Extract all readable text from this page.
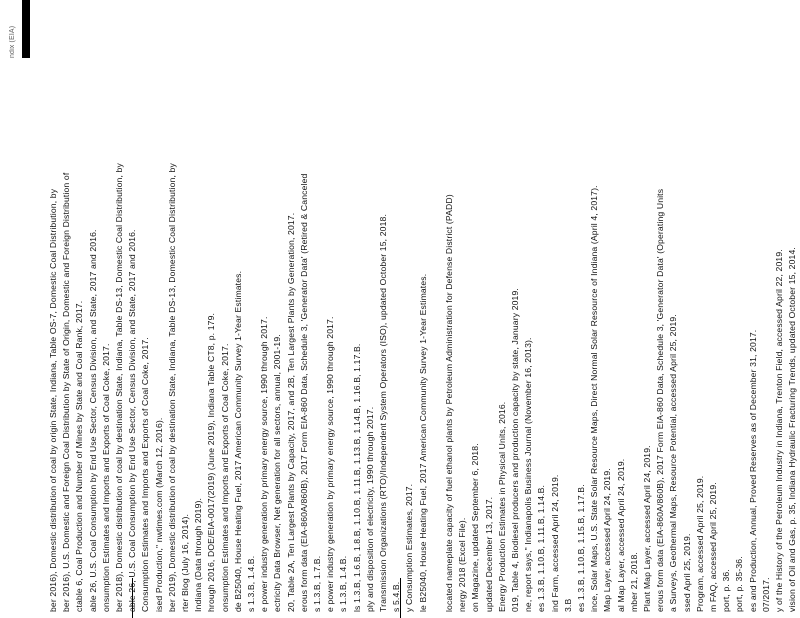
ndix (EIA)
ber 2016), Domestic distribution of coal by origin State, Indiana, Table OS-7, Domestic Coal Distribution, by ber 2016), U.S. Domestic and Foreign Coal Distribution by State of Origin, Domestic and Foreign Distribution of ctable 6, Coal Production and Number of Mines by State and Coal Rank, 2017. able 26, U.S. Coal Consumption by End Use Sector, Census Division, and State, 2017 and 2016. onsumption Estimates and Imports and Exports of Coal Coke, 2017. ber 2018), Domestic distribution of coal by destination State, Indiana, Table DS-13, Domestic Coal Distribution, by able 26, U.S. Coal Consumption by End Use Sector, Census Division, and State, 2017 and 2016. Consumption Estimates and Imports and Exports of Coal Coke, 2017. ised Production," nwtimes.com (March 12, 2016). ber 2019), Domestic distribution of coal by destination State, Indiana, Table DS-13, Domestic Coal Distribution, by rter Blog (July 16, 2014). Indiana (Data through 2019). hrough 2016, DOE/EIA-0017(2019) (June 2019), Indiana Table CT8, p. 179. onsumption Estimates and Imports and Exports of Coal Coke, 2017. de B25040, House Heating Fuel, 2017 American Community Survey 1-Year Estimates. s 1.3.B, 1.4.B. e power industry generation by primary energy source, 1990 through 2017. ectricity Data Browser, Net generation for all sectors, annual, 2001-19. 20, Table 2A, Ten Largest Plants by Capacity, 2017, and 2B, Ten Largest Plants by Generation, 2017. erous form data (EIA-860A/860B), 2017 Form EIA-860 Data, Schedule 3, 'Generator Data' (Retired & Canceled s 1.3.B, 1.7.B. e power industry generation by primary energy source, 1990 through 2017. s 1.3.B, 1.4.B. ls 1.3.B, 1.6.B, 1.8.B, 1.10.B, 1.11.B, 1.13.B, 1.14.B, 1.16.B, 1.17.B. ply and disposition of electricity, 1990 through 2017. Transmission Organizations (RTO)/Independent System Operators (ISO), updated October 15, 2018. s 5.4.B. y Consumption Estimates, 2017. le B25040, House Heating Fuel, 2017 American Community Survey 1-Year Estimates. located nameplate capacity of fuel ethanol plants by Petroleum Administration for Defense District (PADD) nergy 2018 (Excel File). on Magazine, updated September 6, 2018. updated December 13, 2017. Energy Production Estimates in Physical Units, 2016. 019, Table 4, Biodiesel producers and production capacity by state, January 2019. ne, report says," Indianapolis Business Journal (November 16, 2013). es 1.3.B, 1.10.B, 1.11.B, 1.14.B. ind Farm, accessed April 24, 2019. 3.B es 1.3.B, 1.10.B, 1.15.B, 1.17.B. ince, Solar Maps, U.S. State Solar Resource Maps, Direct Normal Solar Resource of Indiana (April 4, 2017). Map Layer, accessed April 24, 2019. al Map Layer, accessed April 24, 2019. mber 21, 2018. Plant Map Layer, accessed April 24, 2019. erous form data (EIA-860A/860B), 2017 Form EIA-860 Data, Schedule 3, 'Generator Data' (Operating Units a Surveys, Geothermal Maps, Resource Potential, accessed April 25, 2019. ssed April 25, 2019. Program, accessed April 25, 2019. m FAQ, accessed April 25, 2019. port, p. 36. port, p. 35-36. es and Production, Annual, Proved Reserves as of December 31, 2017. 07/2017. y of the History of the Petroleum Industry in Indiana, Trenton Field, accessed April 22, 2019. vision of Oil and Gas, p. 35, Indiana Hydraulic Fracturing Trends, updated October 15, 2014.
